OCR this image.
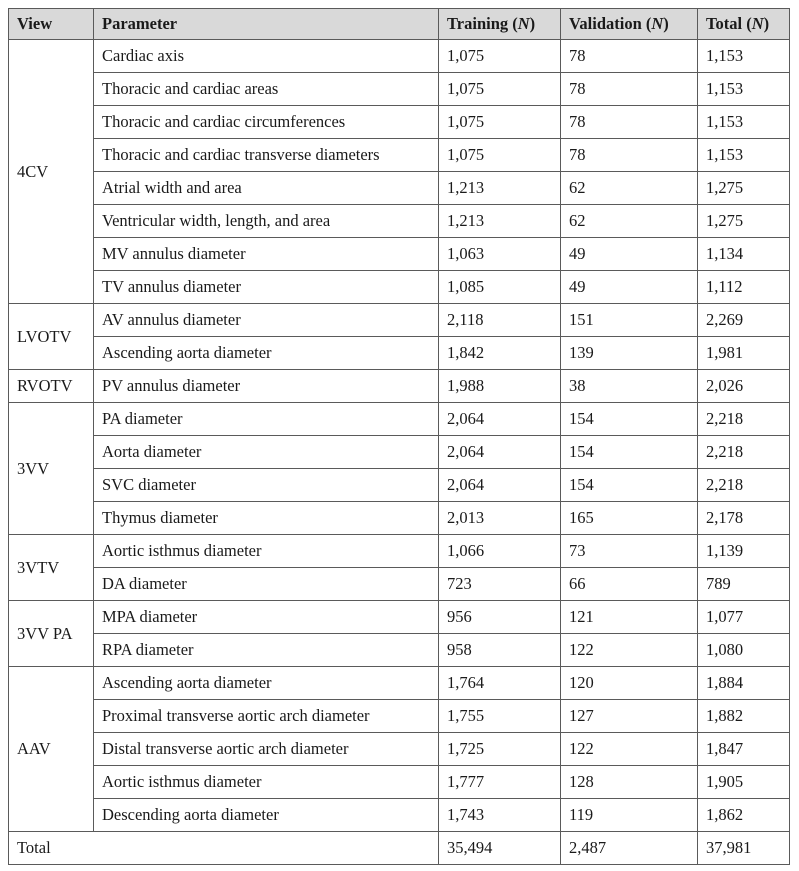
View	Parameter	Training (N)	Validation (N)	Total (N)
4CV	Cardiac axis	1,075	78	1,153
	Thoracic and cardiac areas	1,075	78	1,153
	Thoracic and cardiac circumferences	1,075	78	1,153
	Thoracic and cardiac transverse diameters	1,075	78	1,153
	Atrial width and area	1,213	62	1,275
	Ventricular width, length, and area	1,213	62	1,275
	MV annulus diameter	1,063	49	1,134
	TV annulus diameter	1,085	49	1,112
LVOTV	AV annulus diameter	2,118	151	2,269
	Ascending aorta diameter	1,842	139	1,981
RVOTV	PV annulus diameter	1,988	38	2,026
3VV	PA diameter	2,064	154	2,218
	Aorta diameter	2,064	154	2,218
	SVC diameter	2,064	154	2,218
	Thymus diameter	2,013	165	2,178
3VTV	Aortic isthmus diameter	1,066	73	1,139
	DA diameter	723	66	789
3VV PA	MPA diameter	956	121	1,077
	RPA diameter	958	122	1,080
AAV	Ascending aorta diameter	1,764	120	1,884
	Proximal transverse aortic arch diameter	1,755	127	1,882
	Distal transverse aortic arch diameter	1,725	122	1,847
	Aortic isthmus diameter	1,777	128	1,905
	Descending aorta diameter	1,743	119	1,862
Total		35,494	2,487	37,981
